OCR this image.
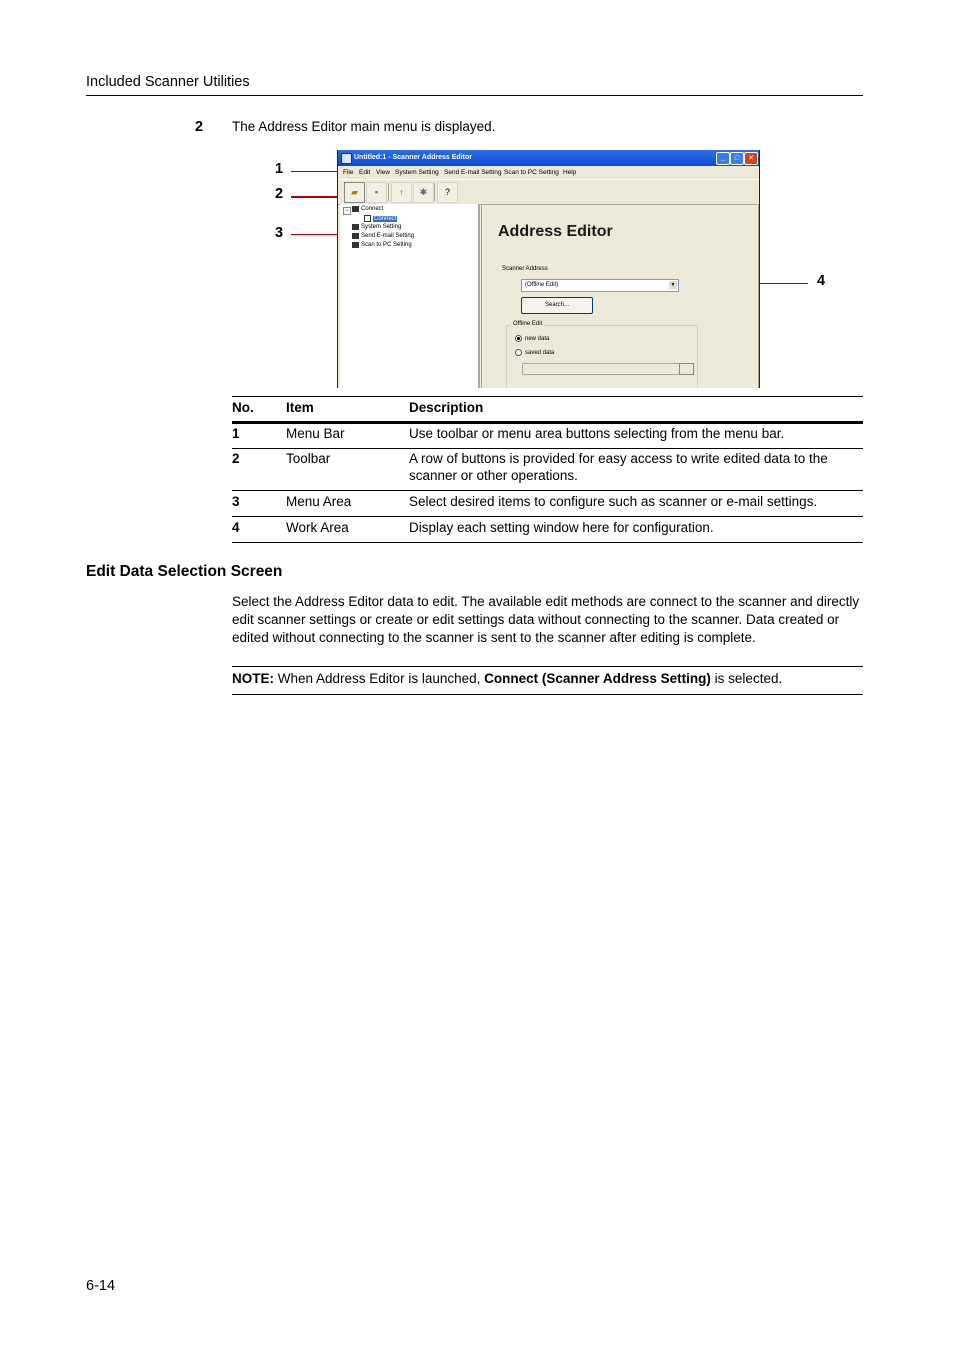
Included Scanner Utilities
2 The Address Editor main menu is displayed.
1
2
3
4
Untitled:1 - Scanner Address Editor	_	□	✕
File Edit View System Setting Send E-mail Setting Scan to PC Setting Help
▰	▪	↑	✱	?
−	Connect
Connect
System Setting
Send E-mail Setting
Scan to PC Setting
Address Editor
Scanner Address
(Offline Edit)	▼
Search...
Offline Edit
new data
saved data
No. Item	Description
1	Menu Bar	Use toolbar or menu area buttons selecting from the menu bar.
2	Toolbar	A row of buttons is provided for easy access to write edited data to the scanner or other operations.
3	Menu Area	Select desired items to configure such as scanner or e-mail settings.
4	Work Area	Display each setting window here for configuration.
Edit Data Selection Screen
Select the Address Editor data to edit. The available edit methods are connect to the scanner and directly edit scanner settings or create or edit settings data without connecting to the scanner. Data created or edited without connecting to the scanner is sent to the scanner after editing is complete.
NOTE: When Address Editor is launched, Connect (Scanner Address Setting) is selected.
6-14
